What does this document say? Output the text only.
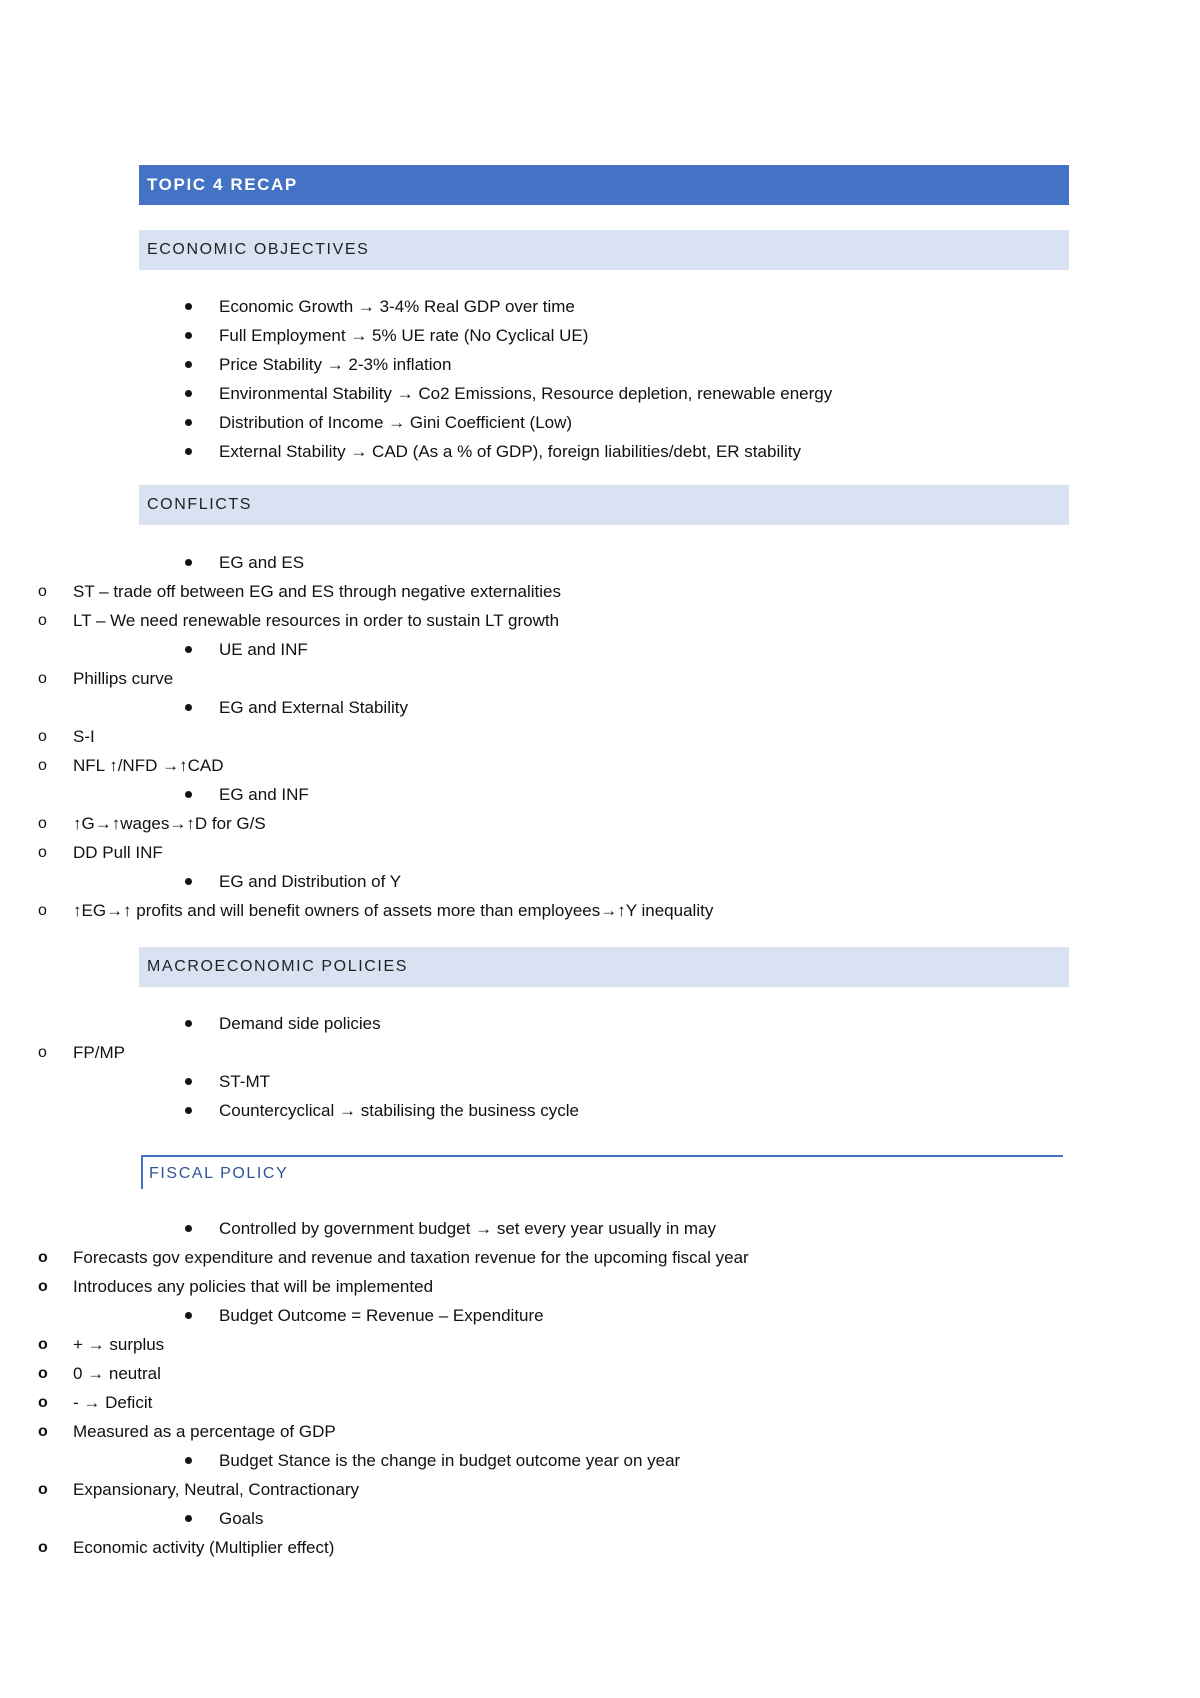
TOPIC 4 RECAP
ECONOMIC OBJECTIVES
Economic Growth → 3-4% Real GDP over time
Full Employment → 5% UE rate (No Cyclical UE)
Price Stability → 2-3% inflation
Environmental Stability → Co2 Emissions, Resource depletion, renewable energy
Distribution of Income → Gini Coefficient (Low)
External Stability → CAD (As a % of GDP), foreign liabilities/debt, ER stability
CONFLICTS
EG and ES
o ST – trade off between EG and ES through negative externalities
o LT – We need renewable resources in order to sustain LT growth
UE and INF
o Phillips curve
EG and External Stability
o S-I
o NFL ↑/NFD →↑CAD
EG and INF
o ↑G→↑wages→↑D for G/S
o DD Pull INF
EG and Distribution of Y
o ↑EG→↑ profits and will benefit owners of assets more than employees→↑Y inequality
MACROECONOMIC POLICIES
Demand side policies
o FP/MP
ST-MT
Countercyclical → stabilising the business cycle
FISCAL POLICY
Controlled by government budget → set every year usually in may
o Forecasts gov expenditure and revenue and taxation revenue for the upcoming fiscal year
o Introduces any policies that will be implemented
Budget Outcome = Revenue – Expenditure
o + → surplus
o 0 → neutral
o - → Deficit
o Measured as a percentage of GDP
Budget Stance is the change in budget outcome year on year
o Expansionary, Neutral, Contractionary
Goals
o Economic activity (Multiplier effect)
